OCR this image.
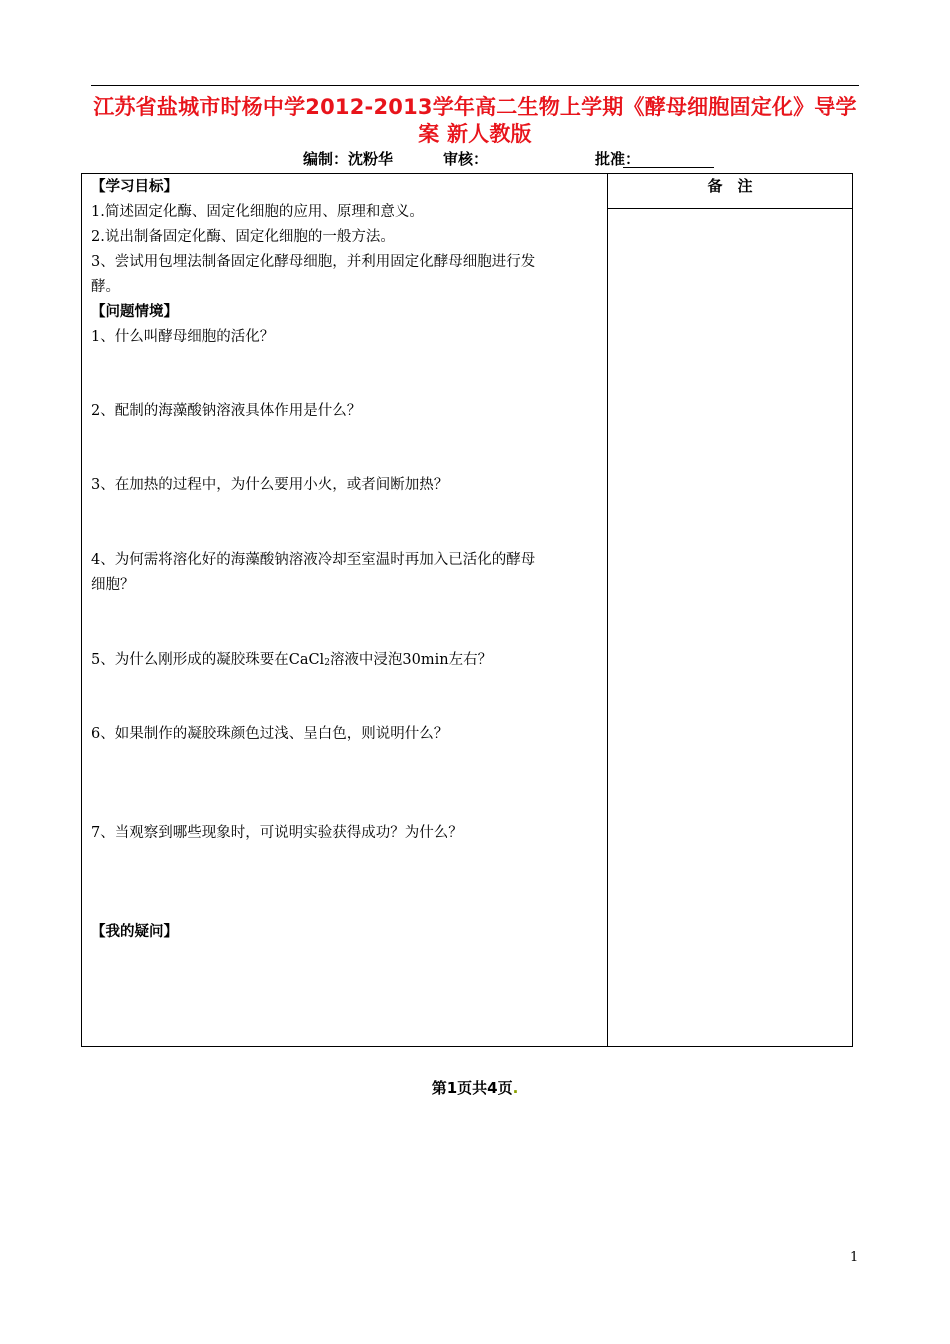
江苏省盐城市时杨中学2012-2013学年高二生物上学期《酵母细胞固定化》导学
案 新人教版
编制：沈粉华	审核：	批准：
备　注
【学习目标】
1.简述固定化酶、固定化细胞的应用、原理和意义。
2.说出制备固定化酶、固定化细胞的一般方法。
3、尝试用包埋法制备固定化酵母细胞，并利用固定化酵母细胞进行发
酵。
【问题情境】
1、什么叫酵母细胞的活化？
2、配制的海藻酸钠溶液具体作用是什么？
3、在加热的过程中，为什么要用小火，或者间断加热？
4、为何需将溶化好的海藻酸钠溶液冷却至室温时再加入已活化的酵母
细胞？
5、为什么刚形成的凝胶珠要在CaCl$_2$溶液中浸泡30min左右？
6、如果制作的凝胶珠颜色过浅、呈白色，则说明什么？
7、当观察到哪些现象时，可说明实验获得成功？为什么？
【我的疑问】
第1页共4页.
1
